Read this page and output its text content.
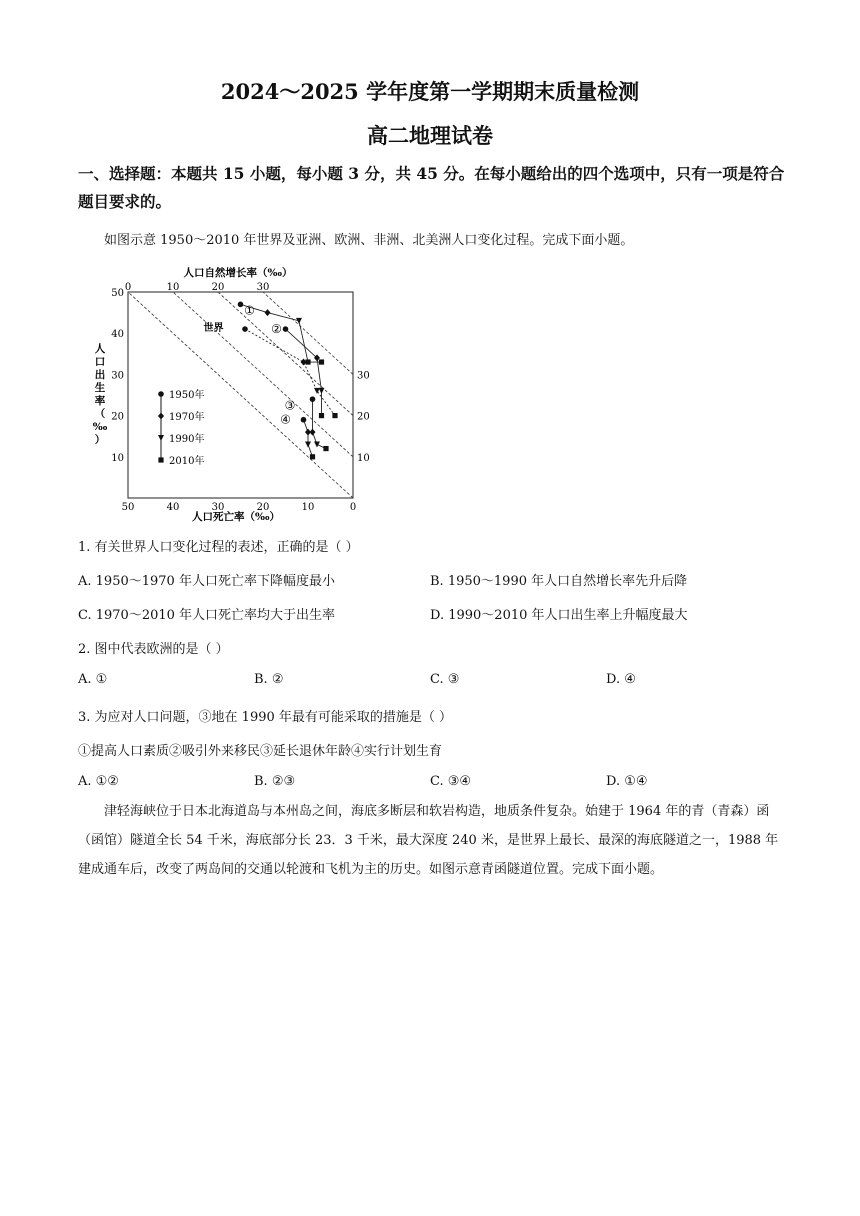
2024～2025 学年度第一学期期末质量检测
高二地理试卷
一、选择题：本题共 15 小题，每小题 3 分，共 45 分。在每小题给出的四个选项中，只有一项是符合题目要求的。
如图示意 1950～2010 年世界及亚洲、欧洲、非洲、北美洲人口变化过程。完成下面小题。
50	40	30	20	10	0
10
20
30
40
50
0	10	20	30
30
20
10
①
②
世界
③
④
1950年
1970年
1990年
2010年
人口自然增长率（‰）
人口死亡率（‰）
人
口
出
生
率
（
‰
）
1. 有关世界人口变化过程的表述，正确的是（ ）
A. 1950～1970 年人口死亡率下降幅度最小	B. 1950～1990 年人口自然增长率先升后降
C. 1970～2010 年人口死亡率均大于出生率	D. 1990～2010 年人口出生率上升幅度最大
2. 图中代表欧洲的是（ ）
A. ①	B. ②	C. ③	D. ④
3. 为应对人口问题，③地在 1990 年最有可能采取的措施是（ ）
①提高人口素质②吸引外来移民③延长退休年龄④实行计划生育
A. ①②	B. ②③	C. ③④	D. ①④
津轻海峡位于日本北海道岛与本州岛之间，海底多断层和软岩构造，地质条件复杂。始建于 1964 年的青（青森）函（函馆）隧道全长 54 千米，海底部分长 23．3 千米，最大深度 240 米，是世界上最长、最深的海底隧道之一，1988 年建成通车后，改变了两岛间的交通以轮渡和飞机为主的历史。如图示意青函隧道位置。完成下面小题。
